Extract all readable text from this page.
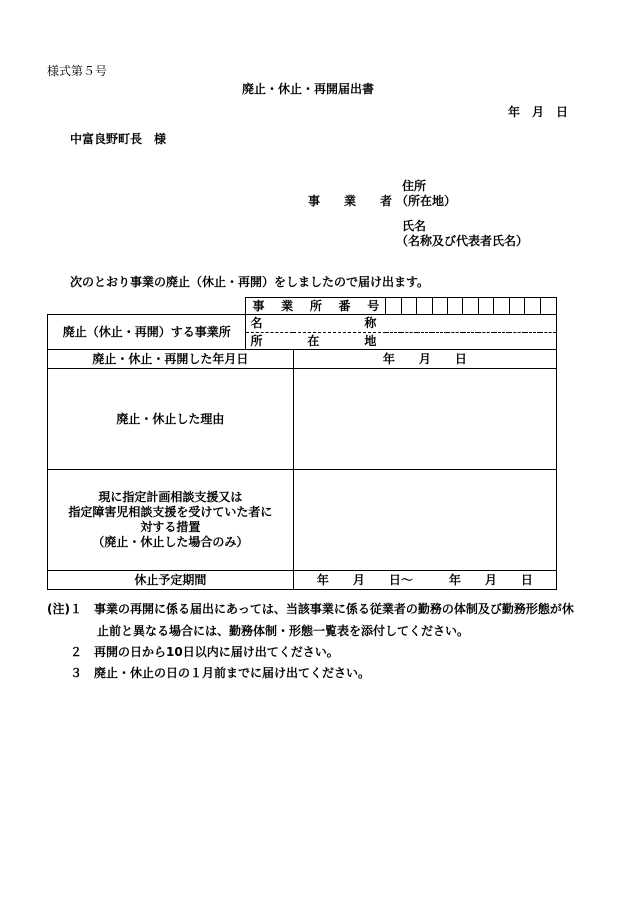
様式第５号
廃止・休止・再開届出書
年　月　日
中富良野町長　様
住所
事　　業　　者 （所在地）
氏名
（名称及び代表者氏名）
次のとおり事業の廃止（休止・再開）をしましたので届け出ます。

	事 業 所 番 号												

廃止（休止・再開）する事業所	名 称												

	所 在 地												

廃止・休止・再開した年月日		年　　月　　日											
廃止・休止した理由													

現に指定計画相談支援又は
指定障害児相談支援を受けていた者に
対する措置
（廃止・休止した場合のみ）													

休止予定期間		年　　月　　日～　　　年　　月　　日											
(注)１ 事業の再開に係る届出にあっては、当該事業に係る従業者の勤務の体制及び勤務形態が休
止前と異なる場合には、勤務体制・形態一覧表を添付してください。
２ 再開の日から10日以内に届け出てください。
３ 廃止・休止の日の１月前までに届け出てください。
